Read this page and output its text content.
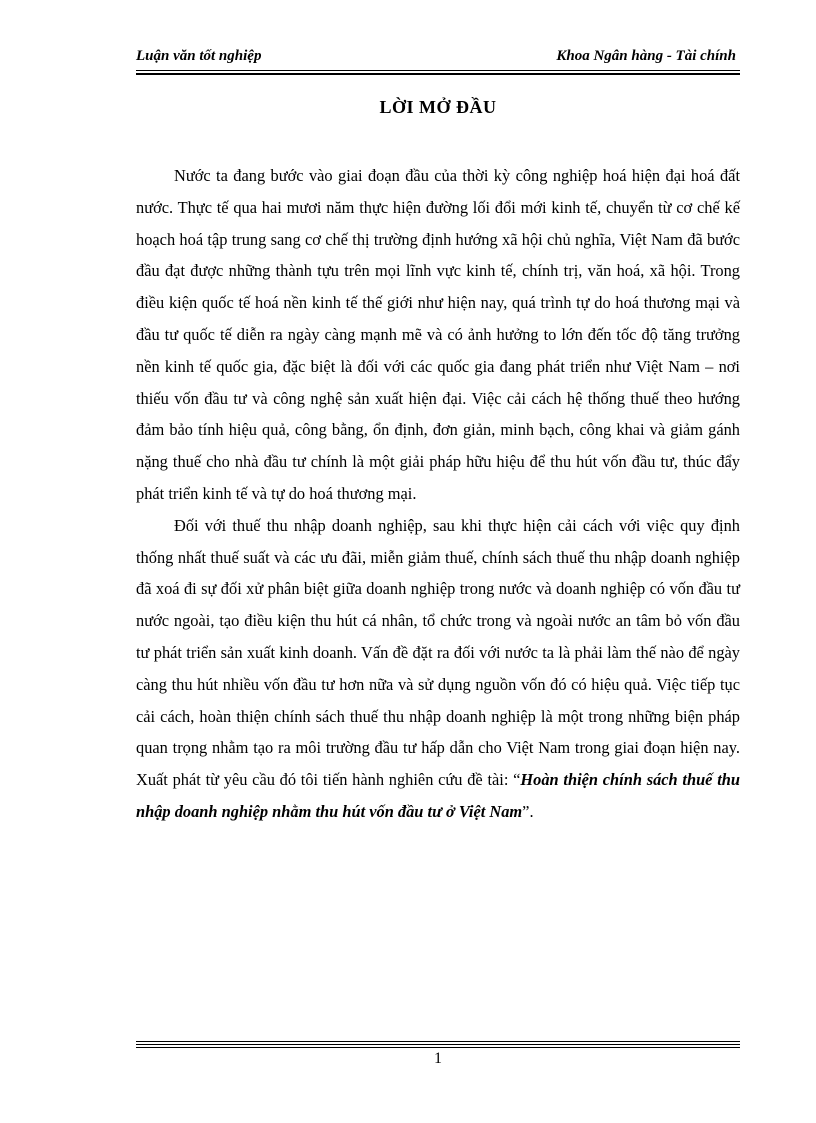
Luận văn tốt nghiệp	Khoa Ngân hàng - Tài chính
LỜI MỞ ĐẦU

Nước ta đang bước vào giai đoạn đầu của thời kỳ công nghiệp hoá hiện đại hoá đất nước. Thực tế qua hai mươi năm thực hiện đường lối đổi mới kinh tế, chuyển từ cơ chế kế hoạch hoá tập trung sang cơ chế thị trường định hướng xã hội chủ nghĩa, Việt Nam đã bước đầu đạt được những thành tựu trên mọi lĩnh vực kinh tế, chính trị, văn hoá, xã hội. Trong điều kiện quốc tế hoá nền kinh tế thế giới như hiện nay, quá trình tự do hoá thương mại và đầu tư quốc tế diễn ra ngày càng mạnh mẽ và có ảnh hưởng to lớn đến tốc độ tăng trưởng nền kinh tế quốc gia, đặc biệt là đối với các quốc gia đang phát triển như Việt Nam – nơi thiếu vốn đầu tư và công nghệ sản xuất hiện đại. Việc cải cách hệ thống thuế theo hướng đảm bảo tính hiệu quả, công bằng, ổn định, đơn giản, minh bạch, công khai và giảm gánh nặng thuế cho nhà đầu tư chính là một giải pháp hữu hiệu để thu hút vốn đầu tư, thúc đẩy phát triển kinh tế và tự do hoá thương mại.

Đối với thuế thu nhập doanh nghiệp, sau khi thực hiện cải cách với việc quy định thống nhất thuế suất và các ưu đãi, miễn giảm thuế, chính sách thuế thu nhập doanh nghiệp đã xoá đi sự đối xử phân biệt giữa doanh nghiệp trong nước và doanh nghiệp có vốn đầu tư nước ngoài, tạo điều kiện thu hút cá nhân, tổ chức trong và ngoài nước an tâm bỏ vốn đầu tư phát triển sản xuất kinh doanh. Vấn đề đặt ra đối với nước ta là phải làm thế nào để ngày càng thu hút nhiều vốn đầu tư hơn nữa và sử dụng nguồn vốn đó có hiệu quả. Việc tiếp tục cải cách, hoàn thiện chính sách thuế thu nhập doanh nghiệp là một trong những biện pháp quan trọng nhằm tạo ra môi trường đầu tư hấp dẫn cho Việt Nam trong giai đoạn hiện nay. Xuất phát từ yêu cầu đó tôi tiến hành nghiên cứu đề tài: “Hoàn thiện chính sách thuế thu nhập doanh nghiệp nhằm thu hút vốn đầu tư ở Việt Nam”.

1
